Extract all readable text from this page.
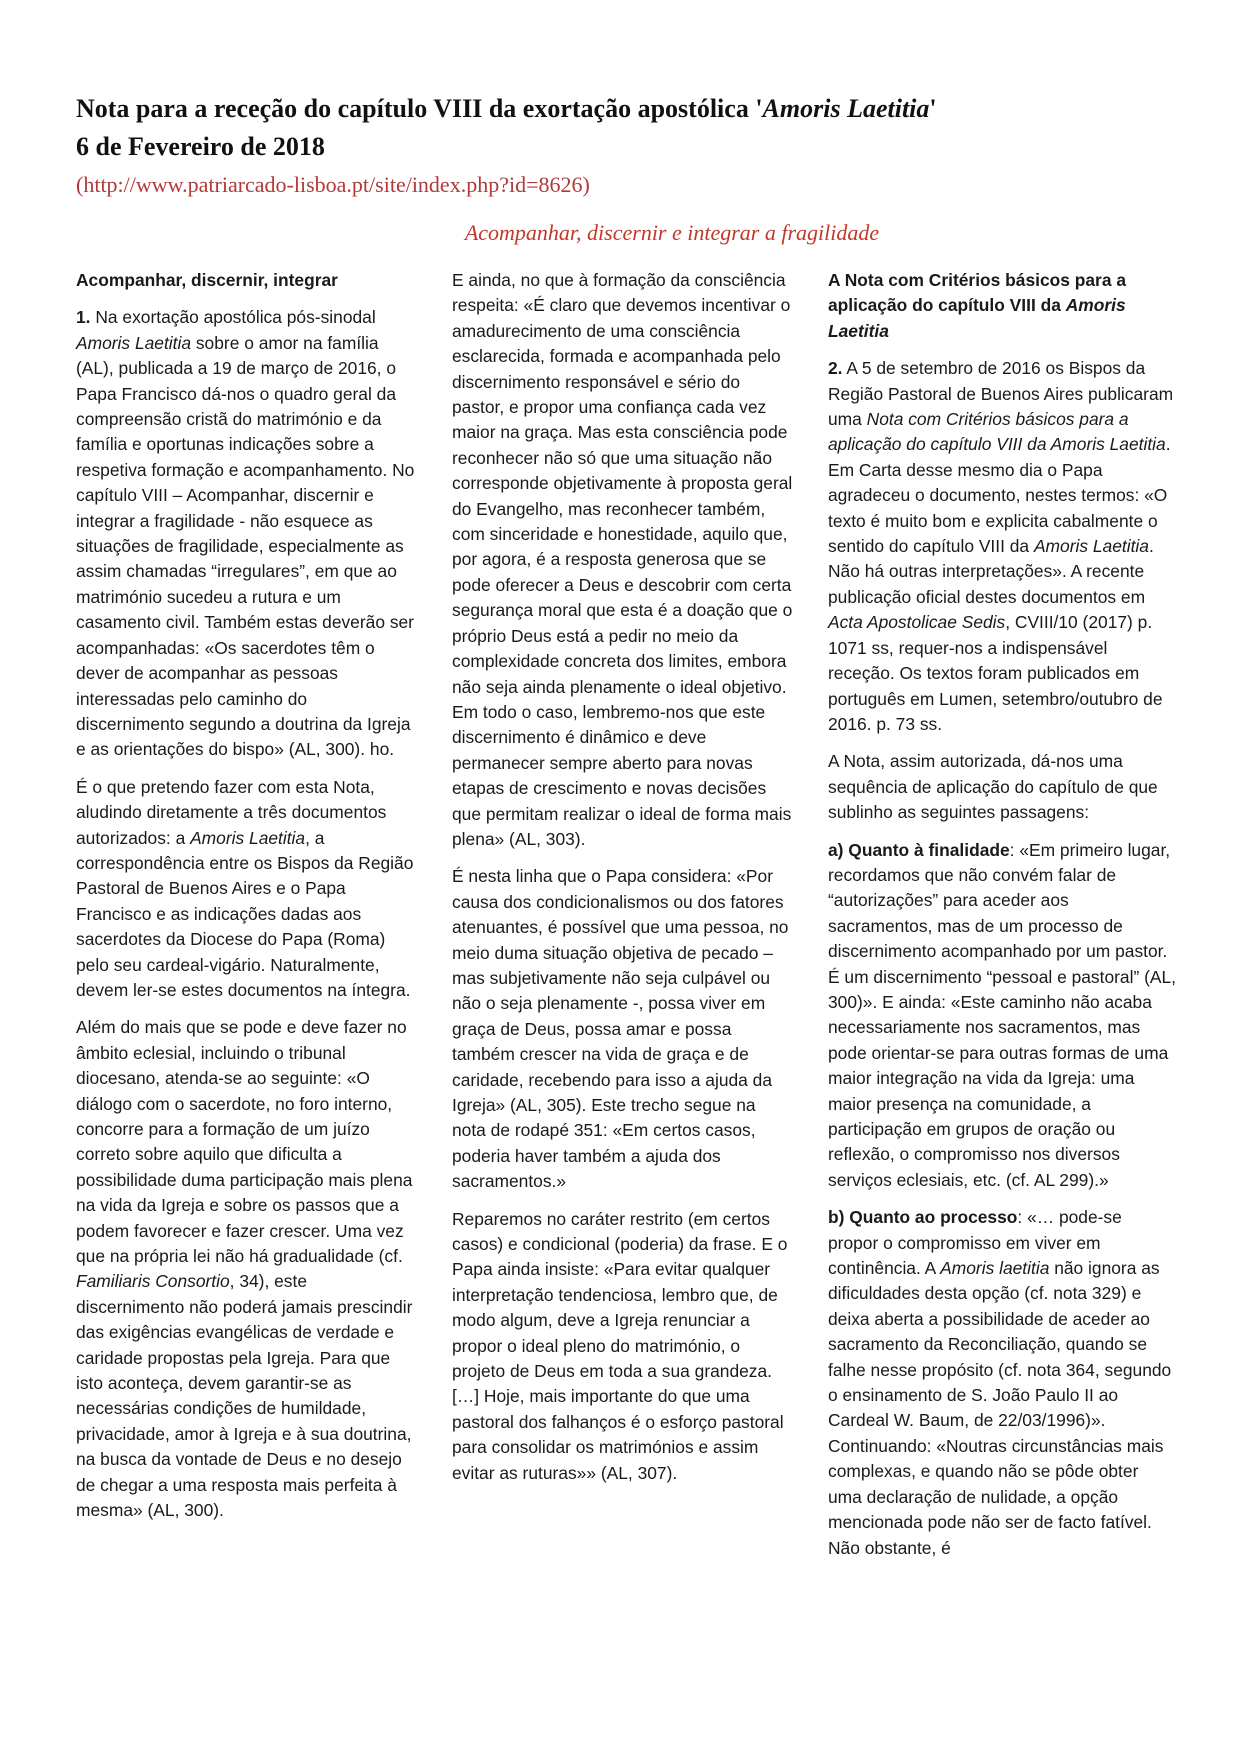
Nota para a receção do capítulo VIII da exortação apostólica 'Amoris Laetitia'
6 de Fevereiro de 2018
(http://www.patriarcado-lisboa.pt/site/index.php?id=8626)
Acompanhar, discernir e integrar a fragilidade
Acompanhar, discernir, integrar

1. Na exortação apostólica pós-sinodal Amoris Laetitia sobre o amor na família (AL), publicada a 19 de março de 2016, o Papa Francisco dá-nos o quadro geral da compreensão cristã do matrimónio e da família e oportunas indicações sobre a respetiva formação e acompanhamento. No capítulo VIII – Acompanhar, discernir e integrar a fragilidade - não esquece as situações de fragilidade, especialmente as assim chamadas “irregulares”, em que ao matrimónio sucedeu a rutura e um casamento civil. Também estas deverão ser acompanhadas: «Os sacerdotes têm o dever de acompanhar as pessoas interessadas pelo caminho do discernimento segundo a doutrina da Igreja e as orientações do bispo» (AL, 300). ho.

É o que pretendo fazer com esta Nota, aludindo diretamente a três documentos autorizados: a Amoris Laetitia, a correspondência entre os Bispos da Região Pastoral de Buenos Aires e o Papa Francisco e as indicações dadas aos sacerdotes da Diocese do Papa (Roma) pelo seu cardeal-vigário. Naturalmente, devem ler-se estes documentos na íntegra.

Além do mais que se pode e deve fazer no âmbito eclesial, incluindo o tribunal diocesano, atenda-se ao seguinte: «O diálogo com o sacerdote, no foro interno, concorre para a formação de um juízo correto sobre aquilo que dificulta a possibilidade duma participação mais plena na vida da Igreja e sobre os passos que a podem favorecer e fazer crescer. Uma vez que na própria lei não há gradualidade (cf. Familiaris Consortio, 34), este discernimento não poderá jamais prescindir das exigências evangélicas de verdade e caridade propostas pela Igreja. Para que isto aconteça, devem garantir-se as necessárias condições de humildade, privacidade, amor à Igreja e à sua doutrina, na busca da vontade de Deus e no desejo de chegar a uma resposta mais perfeita à mesma» (AL, 300).

E ainda, no que à formação da consciência respeita: «É claro que devemos incentivar o amadurecimento de uma consciência esclarecida, formada e acompanhada pelo discernimento responsável e sério do pastor, e propor uma confiança cada vez maior na graça. Mas esta consciência pode reconhecer não só que uma situação não corresponde objetivamente à proposta geral do Evangelho, mas reconhecer também, com sinceridade e honestidade, aquilo que, por agora, é a resposta generosa que se pode oferecer a Deus e descobrir com certa segurança moral que esta é a doação que o próprio Deus está a pedir no meio da complexidade concreta dos limites, embora não seja ainda plenamente o ideal objetivo. Em todo o caso, lembremo-nos que este discernimento é dinâmico e deve permanecer sempre aberto para novas etapas de crescimento e novas decisões que permitam realizar o ideal de forma mais plena» (AL, 303).

É nesta linha que o Papa considera: «Por causa dos condicionalismos ou dos fatores atenuantes, é possível que uma pessoa, no meio duma situação objetiva de pecado – mas subjetivamente não seja culpável ou não o seja plenamente -, possa viver em graça de Deus, possa amar e possa também crescer na vida de graça e de caridade, recebendo para isso a ajuda da Igreja» (AL, 305). Este trecho segue na nota de rodapé 351: «Em certos casos, poderia haver também a ajuda dos sacramentos.»

Reparemos no caráter restrito (em certos casos) e condicional (poderia) da frase. E o Papa ainda insiste: «Para evitar qualquer interpretação tendenciosa, lembro que, de modo algum, deve a Igreja renunciar a propor o ideal pleno do matrimónio, o projeto de Deus em toda a sua grandeza. […] Hoje, mais importante do que uma pastoral dos falhanços é o esforço pastoral para consolidar os matrimónios e assim evitar as ruturas»» (AL, 307).

A Nota com Critérios básicos para a aplicação do capítulo VIII da Amoris Laetitia

2. A 5 de setembro de 2016 os Bispos da Região Pastoral de Buenos Aires publicaram uma Nota com Critérios básicos para a aplicação do capítulo VIII da Amoris Laetitia. Em Carta desse mesmo dia o Papa agradeceu o documento, nestes termos: «O texto é muito bom e explicita cabalmente o sentido do capítulo VIII da Amoris Laetitia. Não há outras interpretações». A recente publicação oficial destes documentos em Acta Apostolicae Sedis, CVIII/10 (2017) p. 1071 ss, requer-nos a indispensável receção. Os textos foram publicados em português em Lumen, setembro/outubro de 2016. p. 73 ss.

A Nota, assim autorizada, dá-nos uma sequência de aplicação do capítulo de que sublinho as seguintes passagens:

a) Quanto à finalidade: «Em primeiro lugar, recordamos que não convém falar de “autorizações” para aceder aos sacramentos, mas de um processo de discernimento acompanhado por um pastor. É um discernimento “pessoal e pastoral” (AL, 300)». E ainda: «Este caminho não acaba necessariamente nos sacramentos, mas pode orientar-se para outras formas de uma maior integração na vida da Igreja: uma maior presença na comunidade, a participação em grupos de oração ou reflexão, o compromisso nos diversos serviços eclesiais, etc. (cf. AL 299).»

b) Quanto ao processo: «… pode-se propor o compromisso em viver em continência. A Amoris laetitia não ignora as dificuldades desta opção (cf. nota 329) e deixa aberta a possibilidade de aceder ao sacramento da Reconciliação, quando se falhe nesse propósito (cf. nota 364, segundo o ensinamento de S. João Paulo II ao Cardeal W. Baum, de 22/03/1996)». Continuando: «Noutras circunstâncias mais complexas, e quando não se pôde obter uma declaração de nulidade, a opção mencionada pode não ser de facto fatível. Não obstante, é
